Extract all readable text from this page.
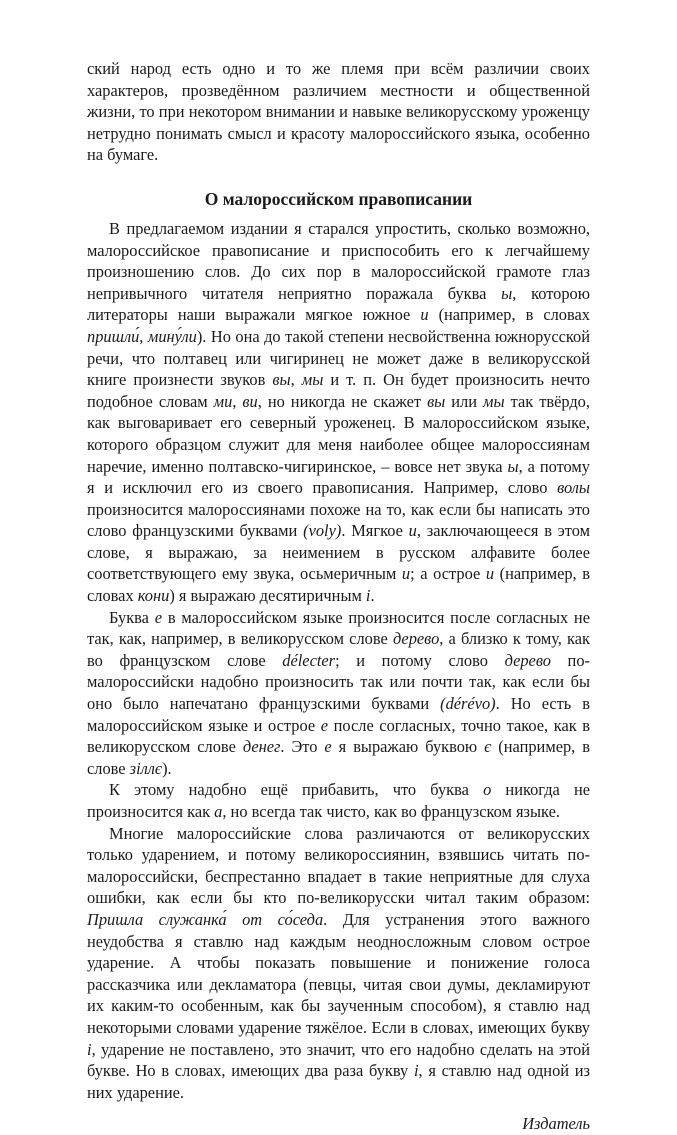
ский народ есть одно и то же племя при всём различии своих характеров, прозведённом различием местности и общественной жизни, то при некотором внимании и навыке великорусскому уроженцу нетрудно понимать смысл и красоту малороссийского языка, особенно на бумаге.

О малороссийском правописании

В предлагаемом издании я старался упростить, сколько возможно, малороссийское правописание и приспособить его к легчайшему произношению слов. До сих пор в малороссийской грамоте глаз непривычного читателя неприятно поражала буква ы, которою литераторы наши выражали мягкое южное и (например, в словах пришли́, мину́ли). Но она до такой степени несвойственна южнорусской речи, что полтавец или чигиринец не может даже в великорусской книге произнести звуков вы, мы и т. п. Он будет произносить нечто подобное словам ми, ви, но никогда не скажет вы или мы так твёрдо, как выговаривает его северный уроженец. В малороссийском языке, которого образцом служит для меня наиболее общее малороссиянам наречие, именно полтавско-чигиринское, – вовсе нет звука ы, а потому я и исключил его из своего правописания. Например, слово волы произносится малороссиянами похоже на то, как если бы написать это слово французскими буквами (voly). Мягкое и, заключающееся в этом слове, я выражаю, за неимением в русском алфавите более соответствующего ему звука, осьмеричным и; а острое и (например, в словах кони) я выражаю десятиричным і.

Буква е в малороссийском языке произносится после согласных не так, как, например, в великорусском слове дерево, а близко к тому, как во французском слове délecter; и потому слово дерево по-малороссийски надобно произносить так или почти так, как если бы оно было напечатано французскими буквами (dérévo). Но есть в малороссийском языке и острое е после согласных, точно такое, как в великорусском слове денег. Это е я выражаю буквою є (например, в слове зіллє).

К этому надобно ещё прибавить, что буква о никогда не произносится как а, но всегда так чисто, как во французском языке.

Многие малороссийские слова различаются от великорусских только ударением, и потому великороссиянин, взявшись читать по-малороссийски, беспрестанно впадает в такие неприятные для слуха ошибки, как если бы кто по-великорусски читал таким образом: Пришла служанка́ от со́седа. Для устранения этого важного неудобства я ставлю над каждым неодносложным словом острое ударение. А чтобы показать повышение и понижение голоса рассказчика или декламатора (певцы, читая свои думы, декламируют их каким-то особенным, как бы заученным способом), я ставлю над некоторыми словами ударение тяжёлое. Если в словах, имеющих букву і, ударение не поставлено, это значит, что его надобно сделать на этой букве. Но в словах, имеющих два раза букву і, я ставлю над одной из них ударение.

Издатель
